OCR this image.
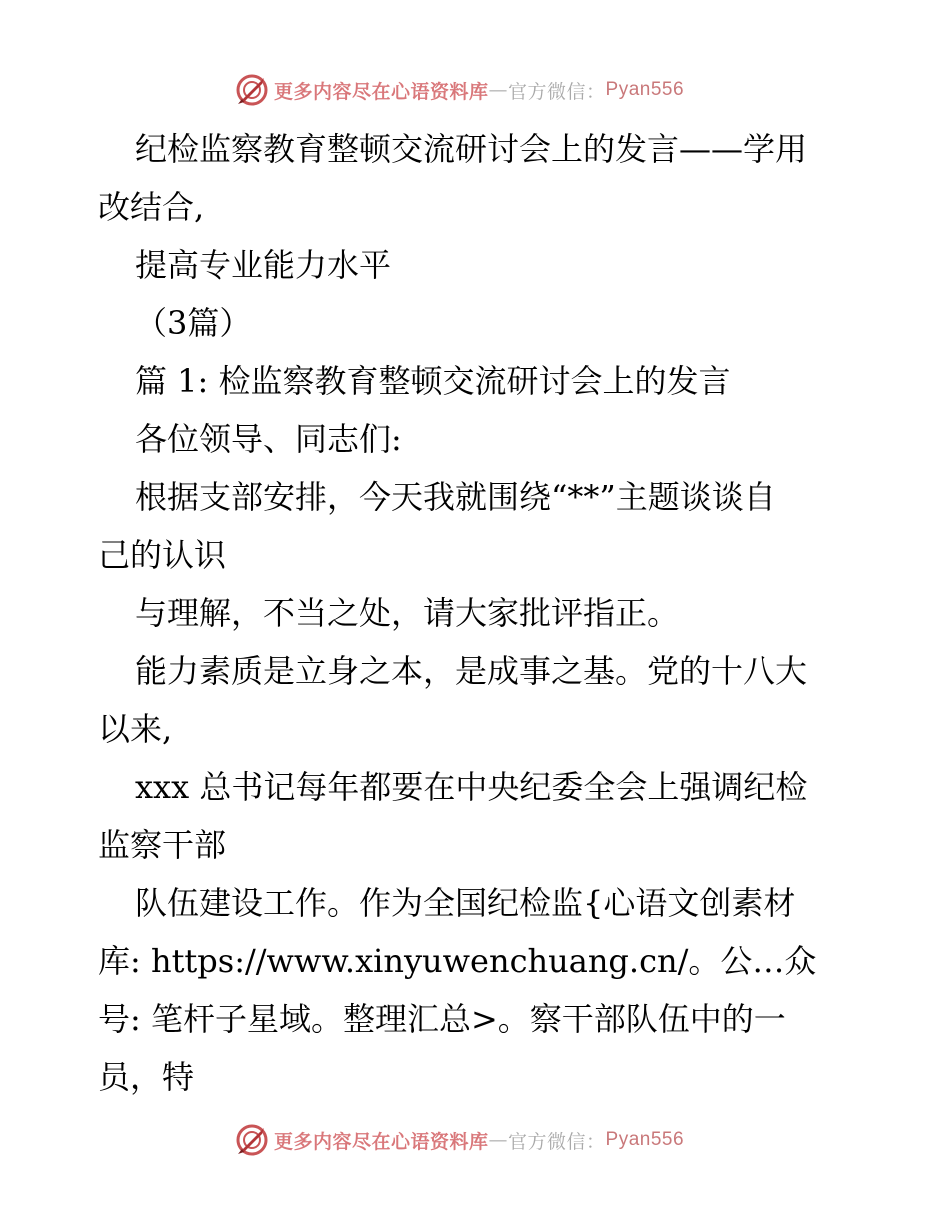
更多内容尽在心语资料库 — 官方微信： Pyan556
纪检监察教育整顿交流研讨会上的发言——学用
改结合,
提高专业能力水平
（3篇）
篇 1: 检监察教育整顿交流研讨会上的发言
各位领导、同志们:
根据支部安排，今天我就围绕“**”主题谈谈自
己的认识
与理解，不当之处，请大家批评指正。
能力素质是立身之本，是成事之基。党的十八大
以来,
xxx 总书记每年都要在中央纪委全会上强调纪检
监察干部
队伍建设工作。作为全国纪检监{心语文创素材
库: https://www.xinyuwenchuang.cn/。公…众
号: 笔杆子星域。整理汇总>。察干部队伍中的一
员，特
更多内容尽在心语资料库 — 官方微信： Pyan556
